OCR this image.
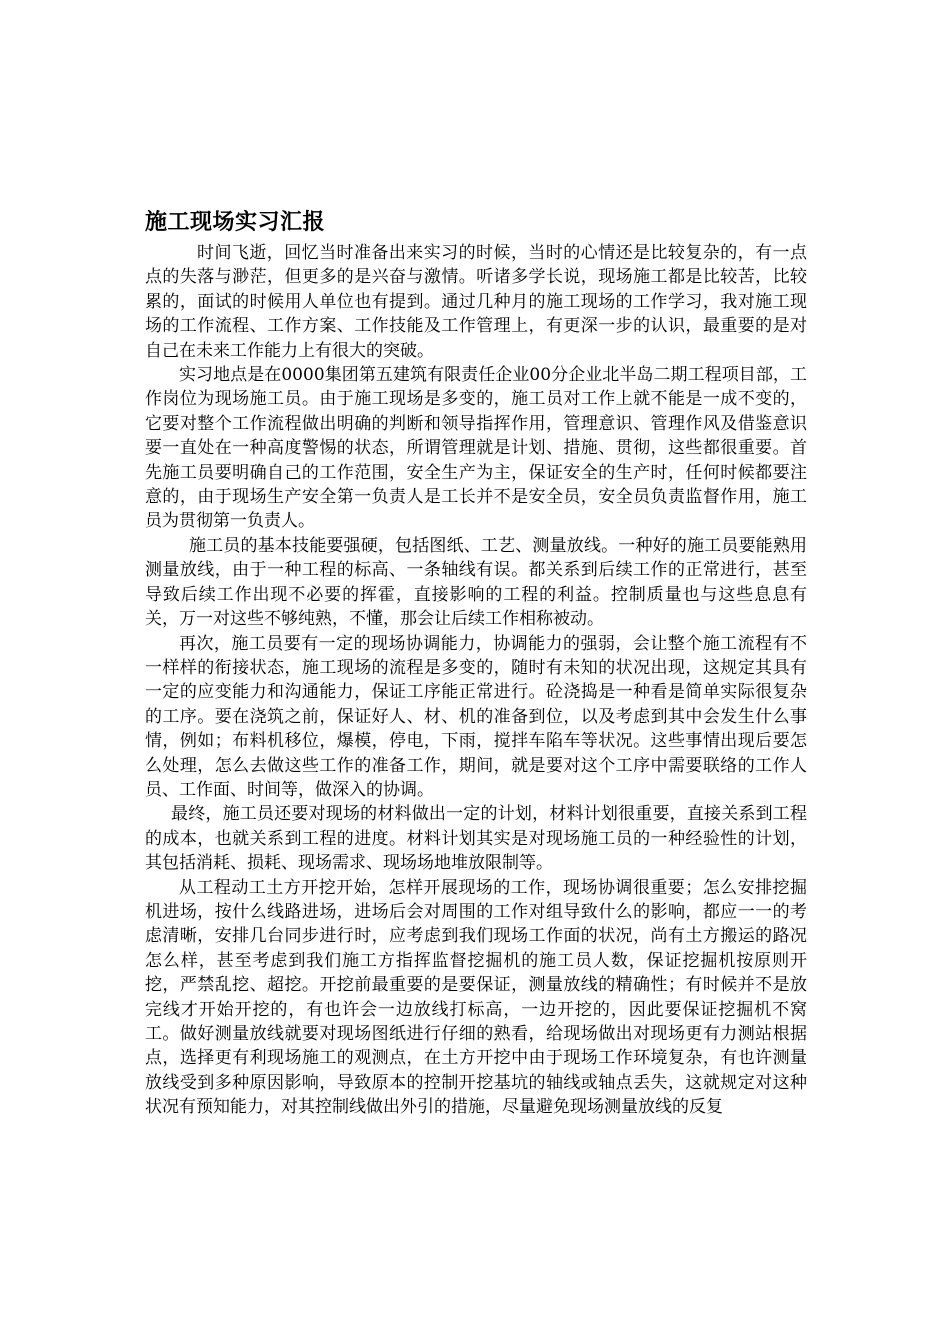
施工现场实习汇报

时间飞逝，回忆当时准备出来实习的时候，当时的心情还是比较复杂的，有一点点的失落与渺茫，但更多的是兴奋与激情。听诸多学长说，现场施工都是比较苦，比较累的，面试的时候用人单位也有提到。通过几种月的施工现场的工作学习，我对施工现场的工作流程、工作方案、工作技能及工作管理上，有更深一步的认识，最重要的是对自己在未来工作能力上有很大的突破。

实习地点是在0000集团第五建筑有限责任企业00分企业北半岛二期工程项目部，工作岗位为现场施工员。由于施工现场是多变的，施工员对工作上就不能是一成不变的，它要对整个工作流程做出明确的判断和领导指挥作用，管理意识、管理作风及借鉴意识要一直处在一种高度警惕的状态，所谓管理就是计划、措施、贯彻，这些都很重要。首先施工员要明确自己的工作范围，安全生产为主，保证安全的生产时，任何时候都要注意的，由于现场生产安全第一负责人是工长并不是安全员，安全员负责监督作用，施工员为贯彻第一负责人。

施工员的基本技能要强硬，包括图纸、工艺、测量放线。一种好的施工员要能熟用测量放线，由于一种工程的标高、一条轴线有误。都关系到后续工作的正常进行，甚至导致后续工作出现不必要的挥霍，直接影响的工程的利益。控制质量也与这些息息有关，万一对这些不够纯熟，不懂，那会让后续工作相称被动。

再次，施工员要有一定的现场协调能力，协调能力的强弱，会让整个施工流程有不一样样的衔接状态，施工现场的流程是多变的，随时有未知的状况出现，这规定其具有一定的应变能力和沟通能力，保证工序能正常进行。砼浇捣是一种看是简单实际很复杂的工序。要在浇筑之前，保证好人、材、机的准备到位，以及考虑到其中会发生什么事情，例如；布料机移位，爆模，停电，下雨，搅拌车陷车等状况。这些事情出现后要怎么处理，怎么去做这些工作的准备工作，期间，就是要对这个工序中需要联络的工作人员、工作面、时间等，做深入的协调。

最终，施工员还要对现场的材料做出一定的计划，材料计划很重要，直接关系到工程的成本，也就关系到工程的进度。材料计划其实是对现场施工员的一种经验性的计划，其包括消耗、损耗、现场需求、现场场地堆放限制等。

从工程动工土方开挖开始，怎样开展现场的工作，现场协调很重要；怎么安排挖掘机进场，按什么线路进场，进场后会对周围的工作对组导致什么的影响，都应一一的考虑清晰，安排几台同步进行时，应考虑到我们现场工作面的状况，尚有土方搬运的路况怎么样，甚至考虑到我们施工方指挥监督挖掘机的施工员人数，保证挖掘机按原则开挖，严禁乱挖、超挖。开挖前最重要的是要保证，测量放线的精确性；有时候并不是放完线才开始开挖的，有也许会一边放线打标高，一边开挖的，因此要保证挖掘机不窝工。做好测量放线就要对现场图纸进行仔细的熟看，给现场做出对现场更有力测站根据点，选择更有利现场施工的观测点，在土方开挖中由于现场工作环境复杂，有也许测量放线受到多种原因影响，导致原本的控制开挖基坑的轴线或轴点丢失，这就规定对这种状况有预知能力，对其控制线做出外引的措施，尽量避免现场测量放线的反复
